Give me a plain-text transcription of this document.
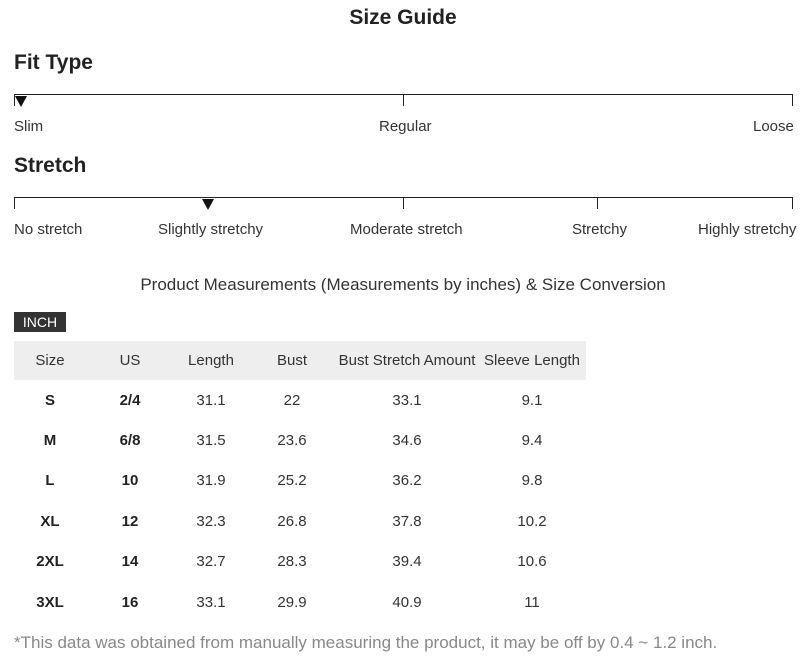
Size Guide
Fit Type
Slim	Regular	Loose
Stretch
No stretch	Slightly stretchy	Moderate stretch	Stretchy	Highly stretchy
Product Measurements (Measurements by inches) & Size Conversion
INCH
Size	US	Length	Bust	Bust Stretch Amount	Sleeve Length
S	2/4	31.1	22	33.1	9.1
M	6/8	31.5	23.6	34.6	9.4
L	10	31.9	25.2	36.2	9.8
XL	12	32.3	26.8	37.8	10.2
2XL	14	32.7	28.3	39.4	10.6
3XL	16	33.1	29.9	40.9	11
*This data was obtained from manually measuring the product, it may be off by 0.4 ~ 1.2 inch.
